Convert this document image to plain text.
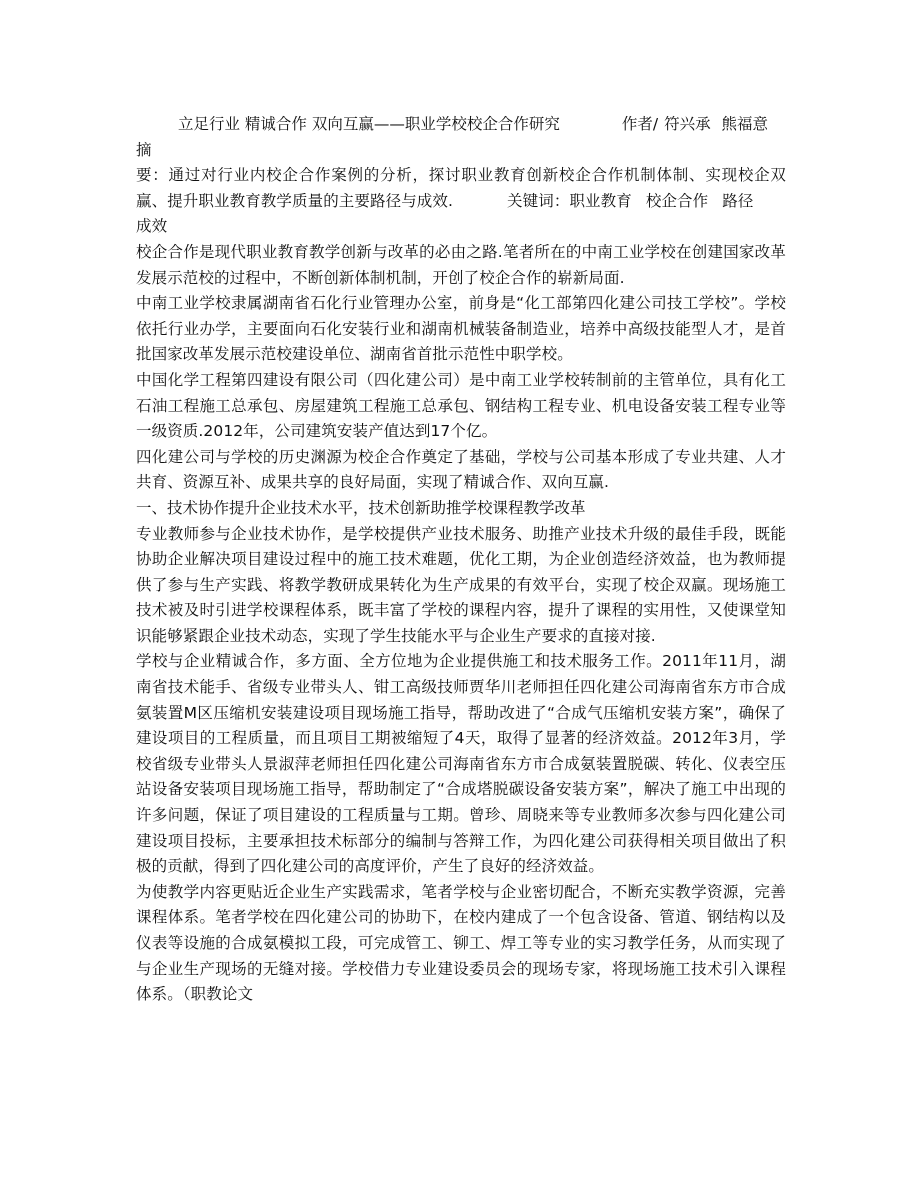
立足行业 精诚合作 双向互赢——职业学校校企合作研究	作者/ 符兴承 熊福意
摘

要：通过对行业内校企合作案例的分析，探讨职业教育创新校企合作机制体制、实现校企双赢、提升职业教育教学质量的主要路径与成效.	关键词：职业教育 校企合作 路径
成效

校企合作是现代职业教育教学创新与改革的必由之路.笔者所在的中南工业学校在创建国家改革发展示范校的过程中，不断创新体制机制，开创了校企合作的崭新局面.

中南工业学校隶属湖南省石化行业管理办公室，前身是“化工部第四化建公司技工学校”。学校依托行业办学，主要面向石化安装行业和湖南机械装备制造业，培养中高级技能型人才，是首批国家改革发展示范校建设单位、湖南省首批示范性中职学校。

中国化学工程第四建设有限公司（四化建公司）是中南工业学校转制前的主管单位，具有化工石油工程施工总承包、房屋建筑工程施工总承包、钢结构工程专业、机电设备安装工程专业等一级资质.2012年，公司建筑安装产值达到17个亿。

四化建公司与学校的历史渊源为校企合作奠定了基础，学校与公司基本形成了专业共建、人才共育、资源互补、成果共享的良好局面，实现了精诚合作、双向互赢.

一、技术协作提升企业技术水平，技术创新助推学校课程教学改革

专业教师参与企业技术协作，是学校提供产业技术服务、助推产业技术升级的最佳手段，既能协助企业解决项目建设过程中的施工技术难题，优化工期，为企业创造经济效益，也为教师提供了参与生产实践、将教学教研成果转化为生产成果的有效平台，实现了校企双赢。现场施工技术被及时引进学校课程体系，既丰富了学校的课程内容，提升了课程的实用性，又使课堂知识能够紧跟企业技术动态，实现了学生技能水平与企业生产要求的直接对接.

学校与企业精诚合作，多方面、全方位地为企业提供施工和技术服务工作。2011年11月，湖南省技术能手、省级专业带头人、钳工高级技师贾华川老师担任四化建公司海南省东方市合成氨装置M区压缩机安装建设项目现场施工指导，帮助改进了“合成气压缩机安装方案”，确保了建设项目的工程质量，而且项目工期被缩短了4天，取得了显著的经济效益。2012年3月，学校省级专业带头人景淑萍老师担任四化建公司海南省东方市合成氨装置脱碳、转化、仪表空压站设备安装项目现场施工指导，帮助制定了“合成塔脱碳设备安装方案”，解决了施工中出现的许多问题，保证了项目建设的工程质量与工期。曾珍、周晓来等专业教师多次参与四化建公司建设项目投标，主要承担技术标部分的编制与答辩工作，为四化建公司获得相关项目做出了积极的贡献，得到了四化建公司的高度评价，产生了良好的经济效益。

为使教学内容更贴近企业生产实践需求，笔者学校与企业密切配合，不断充实教学资源，完善课程体系。笔者学校在四化建公司的协助下，在校内建成了一个包含设备、管道、钢结构以及仪表等设施的合成氨模拟工段，可完成管工、铆工、焊工等专业的实习教学任务，从而实现了与企业生产现场的无缝对接。学校借力专业建设委员会的现场专家，将现场施工技术引入课程体系。（职教论文
